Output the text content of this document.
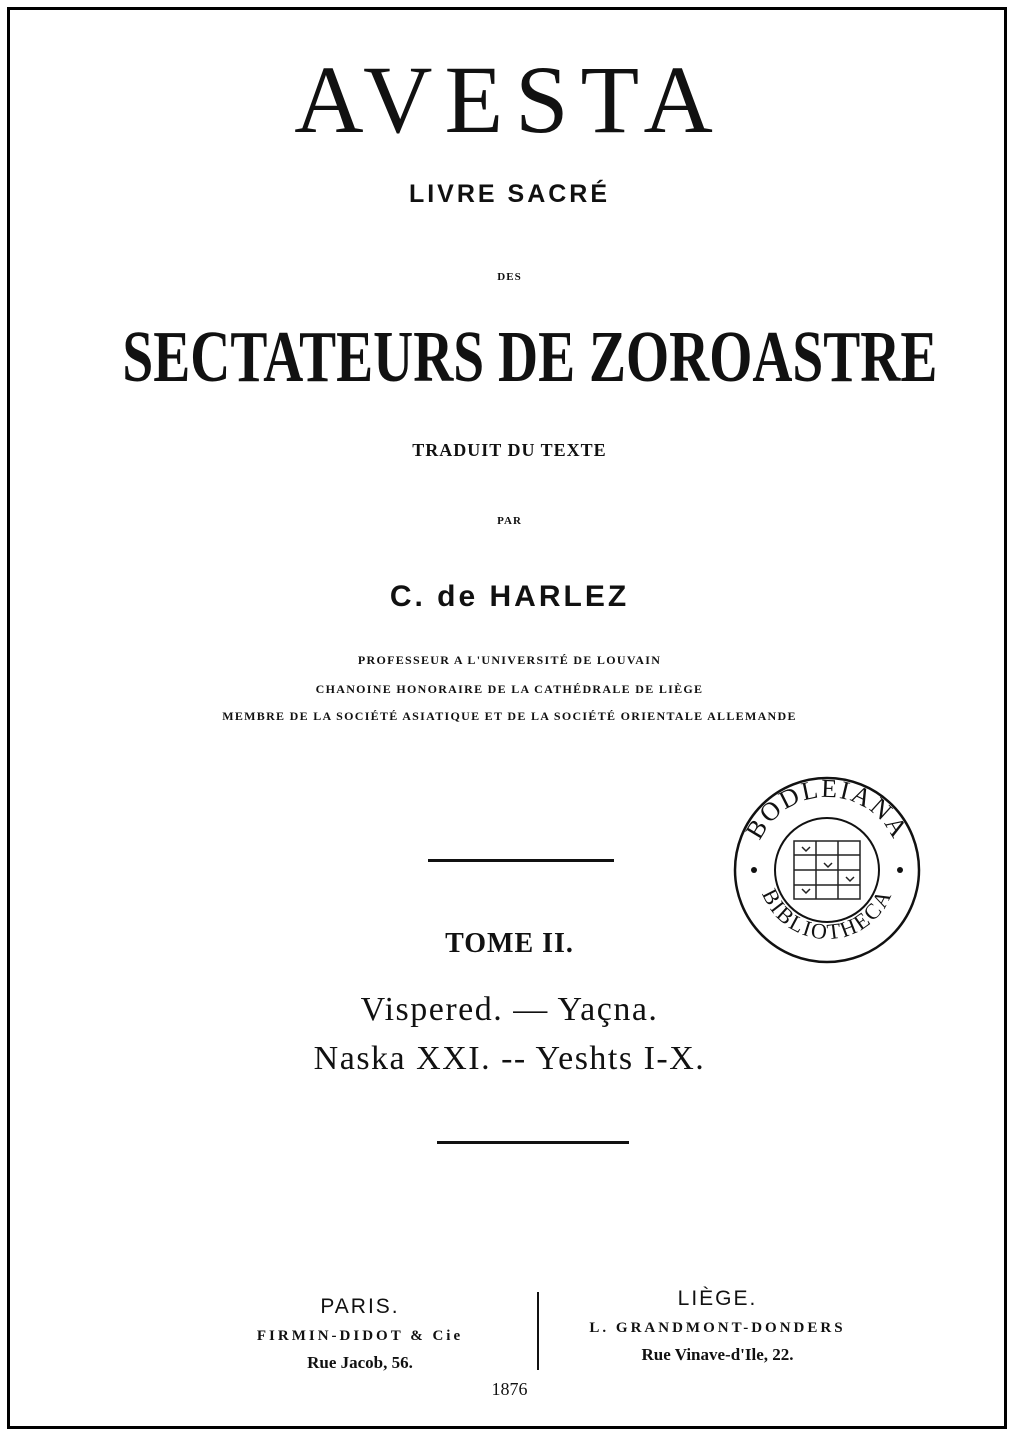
AVESTA
LIVRE SACRÉ
DES
SECTATEURS DE ZOROASTRE
TRADUIT DU TEXTE
PAR
C. de HARLEZ
PROFESSEUR A L'UNIVERSITÉ DE LOUVAIN
CHANOINE HONORAIRE DE LA CATHÉDRALE DE LIÈGE
MEMBRE DE LA SOCIÉTÉ ASIATIQUE ET DE LA SOCIÉTÉ ORIENTALE ALLEMANDE
BODLEIANA
BIBLIOTHECA
TOME II.
Vispered. — Yaçna.
Naska XXI. -- Yeshts I-X.
PARIS.
FIRMIN-DIDOT & Cie
Rue Jacob, 56.
LIÈGE.
L. GRANDMONT-DONDERS
Rue Vinave-d'Ile, 22.
1876
